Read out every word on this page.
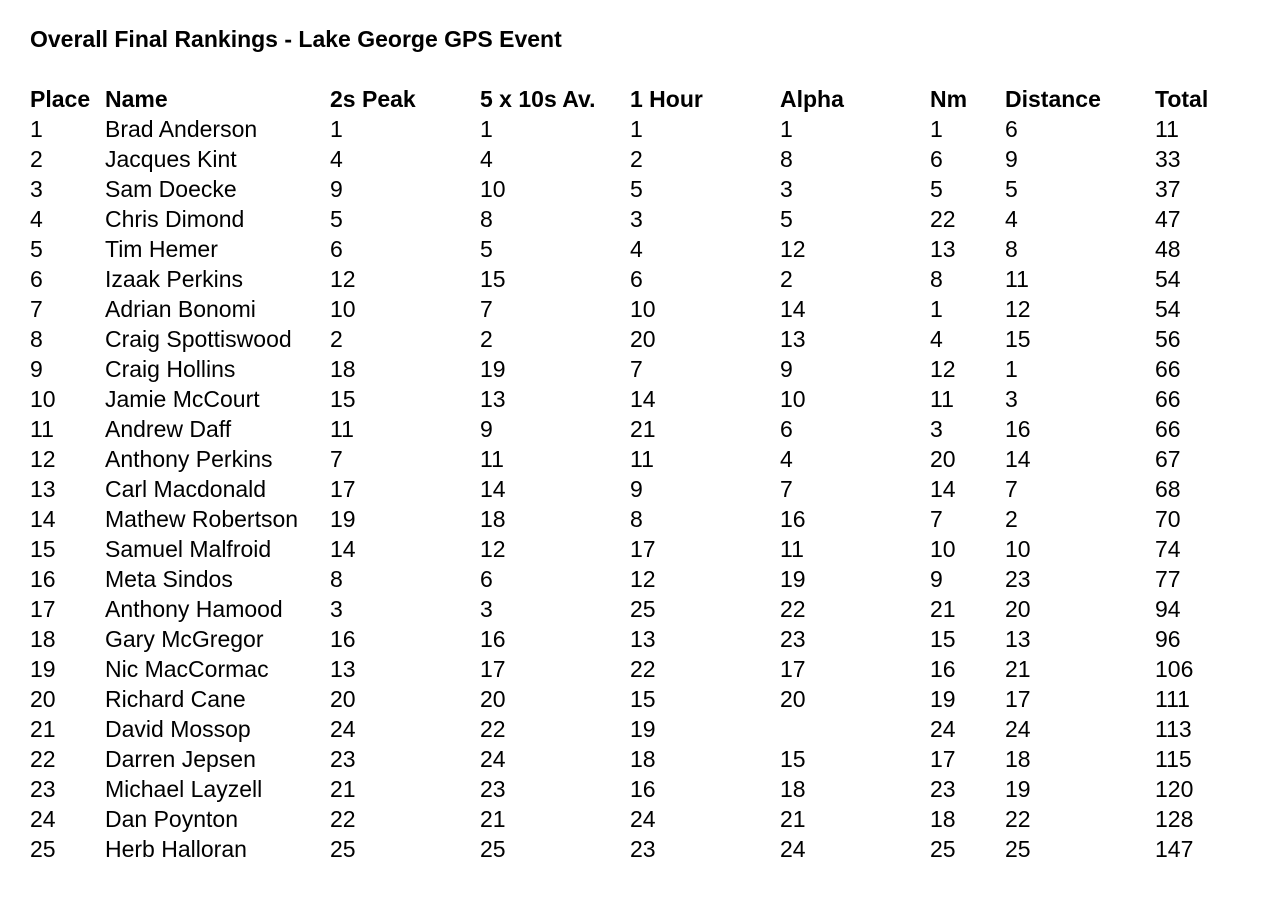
Overall Final Rankings - Lake George GPS Event
Place	Name	2s Peak	5 x 10s Av.	1 Hour	Alpha	Nm	Distance	Total
1	Brad Anderson	1	1	1	1	1	6	11
2	Jacques Kint	4	4	2	8	6	9	33
3	Sam Doecke	9	10	5	3	5	5	37
4	Chris Dimond	5	8	3	5	22	4	47
5	Tim Hemer	6	5	4	12	13	8	48
6	Izaak Perkins	12	15	6	2	8	11	54
7	Adrian Bonomi	10	7	10	14	1	12	54
8	Craig Spottiswood	2	2	20	13	4	15	56
9	Craig Hollins	18	19	7	9	12	1	66
10	Jamie McCourt	15	13	14	10	11	3	66
11	Andrew Daff	11	9	21	6	3	16	66
12	Anthony Perkins	7	11	11	4	20	14	67
13	Carl Macdonald	17	14	9	7	14	7	68
14	Mathew Robertson	19	18	8	16	7	2	70
15	Samuel Malfroid	14	12	17	11	10	10	74
16	Meta Sindos	8	6	12	19	9	23	77
17	Anthony Hamood	3	3	25	22	21	20	94
18	Gary McGregor	16	16	13	23	15	13	96
19	Nic MacCormac	13	17	22	17	16	21	106
20	Richard Cane	20	20	15	20	19	17	111
21	David Mossop	24	22	19		24	24	113
22	Darren Jepsen	23	24	18	15	17	18	115
23	Michael Layzell	21	23	16	18	23	19	120
24	Dan Poynton	22	21	24	21	18	22	128
25	Herb Halloran	25	25	23	24	25	25	147
